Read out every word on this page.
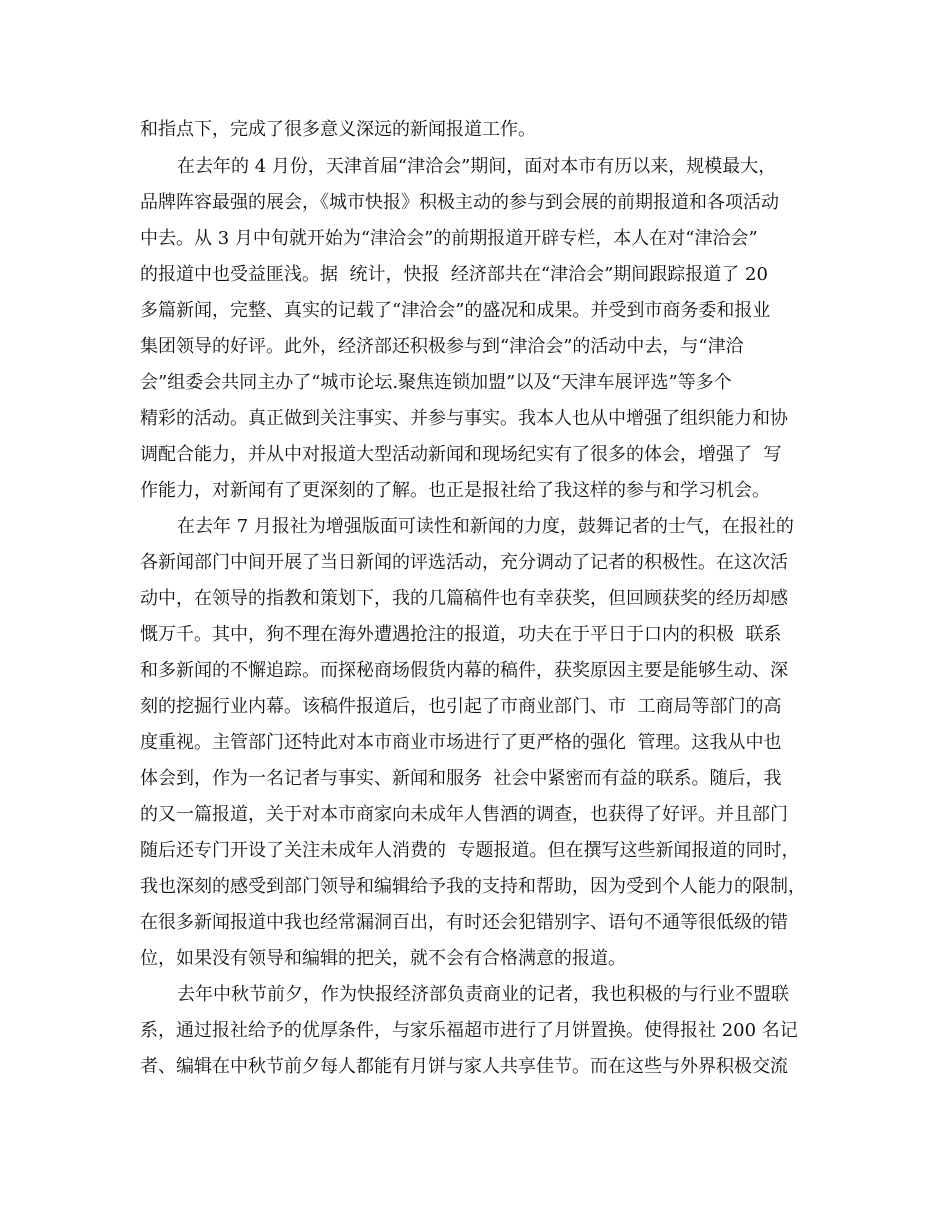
和指点下，完成了很多意义深远的新闻报道工作。
在去年的 4 月份，天津首届“津洽会”期间，面对本市有历以来，规模最大，
品牌阵容最强的展会，《城市快报》积极主动的参与到会展的前期报道和各项活动
中去。从 3 月中旬就开始为“津洽会”的前期报道开辟专栏，本人在对“津洽会”
的报道中也受益匪浅。据  统计，快报  经济部共在“津洽会”期间跟踪报道了 20
多篇新闻，完整、真实的记载了“津洽会”的盛况和成果。并受到市商务委和报业
集团领导的好评。此外，经济部还积极参与到“津洽会”的活动中去，与“津洽
会”组委会共同主办了“城市论坛.聚焦连锁加盟”以及“天津车展评选”等多个
精彩的活动。真正做到关注事实、并参与事实。我本人也从中增强了组织能力和协
调配合能力，并从中对报道大型活动新闻和现场纪实有了很多的体会，增强了  写
作能力，对新闻有了更深刻的了解。也正是报社给了我这样的参与和学习机会。
在去年 7 月报社为增强版面可读性和新闻的力度，鼓舞记者的士气，在报社的
各新闻部门中间开展了当日新闻的评选活动，充分调动了记者的积极性。在这次活
动中，在领导的指教和策划下，我的几篇稿件也有幸获奖，但回顾获奖的经历却感
慨万千。其中，狗不理在海外遭遇抢注的报道，功夫在于平日于口内的积极  联系
和多新闻的不懈追踪。而探秘商场假货内幕的稿件，获奖原因主要是能够生动、深
刻的挖掘行业内幕。该稿件报道后，也引起了市商业部门、市  工商局等部门的高
度重视。主管部门还特此对本市商业市场进行了更严格的强化  管理。这我从中也
体会到，作为一名记者与事实、新闻和服务  社会中紧密而有益的联系。随后，我
的又一篇报道，关于对本市商家向未成年人售酒的调查，也获得了好评。并且部门
随后还专门开设了关注未成年人消费的  专题报道。但在撰写这些新闻报道的同时，
我也深刻的感受到部门领导和编辑给予我的支持和帮助，因为受到个人能力的限制，
在很多新闻报道中我也经常漏洞百出，有时还会犯错别字、语句不通等很低级的错
位，如果没有领导和编辑的把关，就不会有合格满意的报道。
去年中秋节前夕，作为快报经济部负责商业的记者，我也积极的与行业不盟联
系，通过报社给予的优厚条件，与家乐福超市进行了月饼置换。使得报社 200 名记
者、编辑在中秋节前夕每人都能有月饼与家人共享佳节。而在这些与外界积极交流
